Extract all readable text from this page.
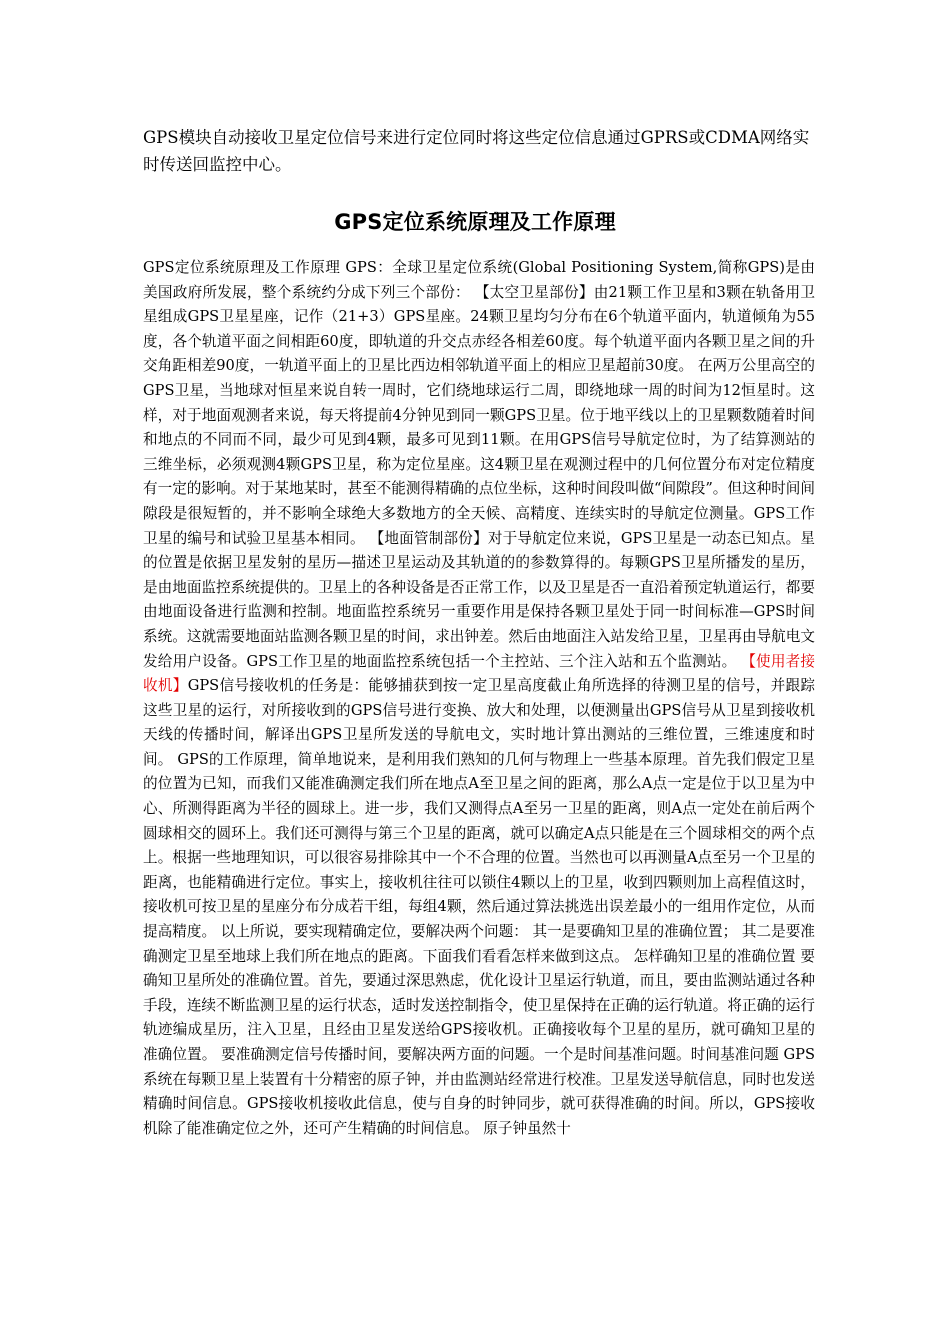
GPS模块自动接收卫星定位信号来进行定位同时将这些定位信息通过GPRS或CDMA网络实时传送回监控中心。

GPS定位系统原理及工作原理

GPS定位系统原理及工作原理 GPS：全球卫星定位系统(Global Positioning System,简称GPS)是由美国政府所发展，整个系统约分成下列三个部份： 【太空卫星部份】由21颗工作卫星和3颗在轨备用卫星组成GPS卫星星座，记作（21+3）GPS星座。24颗卫星均匀分布在6个轨道平面内，轨道倾角为55度，各个轨道平面之间相距60度，即轨道的升交点赤经各相差60度。每个轨道平面内各颗卫星之间的升交角距相差90度，一轨道平面上的卫星比西边相邻轨道平面上的相应卫星超前30度。 在两万公里高空的GPS卫星，当地球对恒星来说自转一周时，它们绕地球运行二周，即绕地球一周的时间为12恒星时。这样，对于地面观测者来说，每天将提前4分钟见到同一颗GPS卫星。位于地平线以上的卫星颗数随着时间和地点的不同而不同，最少可见到4颗，最多可见到11颗。在用GPS信号导航定位时，为了结算测站的三维坐标，必须观测4颗GPS卫星，称为定位星座。这4颗卫星在观测过程中的几何位置分布对定位精度有一定的影响。对于某地某时，甚至不能测得精确的点位坐标，这种时间段叫做“间隙段”。但这种时间间隙段是很短暂的，并不影响全球绝大多数地方的全天候、高精度、连续实时的导航定位测量。GPS工作卫星的编号和试验卫星基本相同。 【地面管制部份】对于导航定位来说，GPS卫星是一动态已知点。星的位置是依据卫星发射的星历—描述卫星运动及其轨道的的参数算得的。每颗GPS卫星所播发的星历，是由地面监控系统提供的。卫星上的各种设备是否正常工作，以及卫星是否一直沿着预定轨道运行，都要由地面设备进行监测和控制。地面监控系统另一重要作用是保持各颗卫星处于同一时间标准—GPS时间系统。这就需要地面站监测各颗卫星的时间，求出钟差。然后由地面注入站发给卫星，卫星再由导航电文发给用户设备。GPS工作卫星的地面监控系统包括一个主控站、三个注入站和五个监测站。 【使用者接收机】GPS信号接收机的任务是：能够捕获到按一定卫星高度截止角所选择的待测卫星的信号，并跟踪这些卫星的运行，对所接收到的GPS信号进行变换、放大和处理，以便测量出GPS信号从卫星到接收机天线的传播时间，解译出GPS卫星所发送的导航电文，实时地计算出测站的三维位置，三维速度和时间。 GPS的工作原理，简单地说来，是利用我们熟知的几何与物理上一些基本原理。首先我们假定卫星的位置为已知，而我们又能准确测定我们所在地点A至卫星之间的距离，那么A点一定是位于以卫星为中心、所测得距离为半径的圆球上。进一步，我们又测得点A至另一卫星的距离，则A点一定处在前后两个圆球相交的圆环上。我们还可测得与第三个卫星的距离，就可以确定A点只能是在三个圆球相交的两个点上。根据一些地理知识，可以很容易排除其中一个不合理的位置。当然也可以再测量A点至另一个卫星的距离，也能精确进行定位。事实上，接收机往往可以锁住4颗以上的卫星，收到四颗则加上高程值这时，接收机可按卫星的星座分布分成若干组，每组4颗，然后通过算法挑选出误差最小的一组用作定位，从而提高精度。 以上所说，要实现精确定位，要解决两个问题： 其一是要确知卫星的准确位置； 其二是要准确测定卫星至地球上我们所在地点的距离。下面我们看看怎样来做到这点。 怎样确知卫星的准确位置 要确知卫星所处的准确位置。首先，要通过深思熟虑，优化设计卫星运行轨道，而且，要由监测站通过各种手段，连续不断监测卫星的运行状态，适时发送控制指令，使卫星保持在正确的运行轨道。将正确的运行轨迹编成星历，注入卫星，且经由卫星发送给GPS接收机。正确接收每个卫星的星历，就可确知卫星的准确位置。 要准确测定信号传播时间，要解决两方面的问题。一个是时间基准问题。时间基准问题 GPS系统在每颗卫星上装置有十分精密的原子钟，并由监测站经常进行校准。卫星发送导航信息，同时也发送精确时间信息。GPS接收机接收此信息，使与自身的时钟同步，就可获得准确的时间。所以，GPS接收机除了能准确定位之外，还可产生精确的时间信息。 原子钟虽然十
